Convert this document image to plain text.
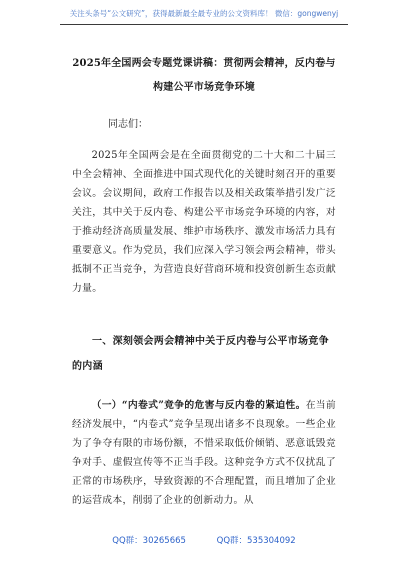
关注头条号“公文研究”，获得最新最全最专业的公文资料库！ 微信：gongwenyj
2025年全国两会专题党课讲稿：贯彻两会精神，反内卷与构建公平市场竞争环境
同志们：
2025年全国两会是在全面贯彻党的二十大和二十届三中全会精神、全面推进中国式现代化的关键时刻召开的重要会议。会议期间，政府工作报告以及相关政策举措引发广泛关注，其中关于反内卷、构建公平市场竞争环境的内容，对于推动经济高质量发展、维护市场秩序、激发市场活力具有重要意义。作为党员，我们应深入学习领会两会精神，带头抵制不正当竞争，为营造良好营商环境和投资创新生态贡献力量。
一、深刻领会两会精神中关于反内卷与公平市场竞争的内涵
（一）“内卷式”竞争的危害与反内卷的紧迫性。在当前经济发展中，“内卷式”竞争呈现出诸多不良现象。一些企业为了争夺有限的市场份额，不惜采取低价倾销、恶意诋毁竞争对手、虚假宣传等不正当手段。这种竞争方式不仅扰乱了正常的市场秩序，导致资源的不合理配置，而且增加了企业的运营成本，削弱了企业的创新动力。从
QQ群：30265665	QQ群：535304092
